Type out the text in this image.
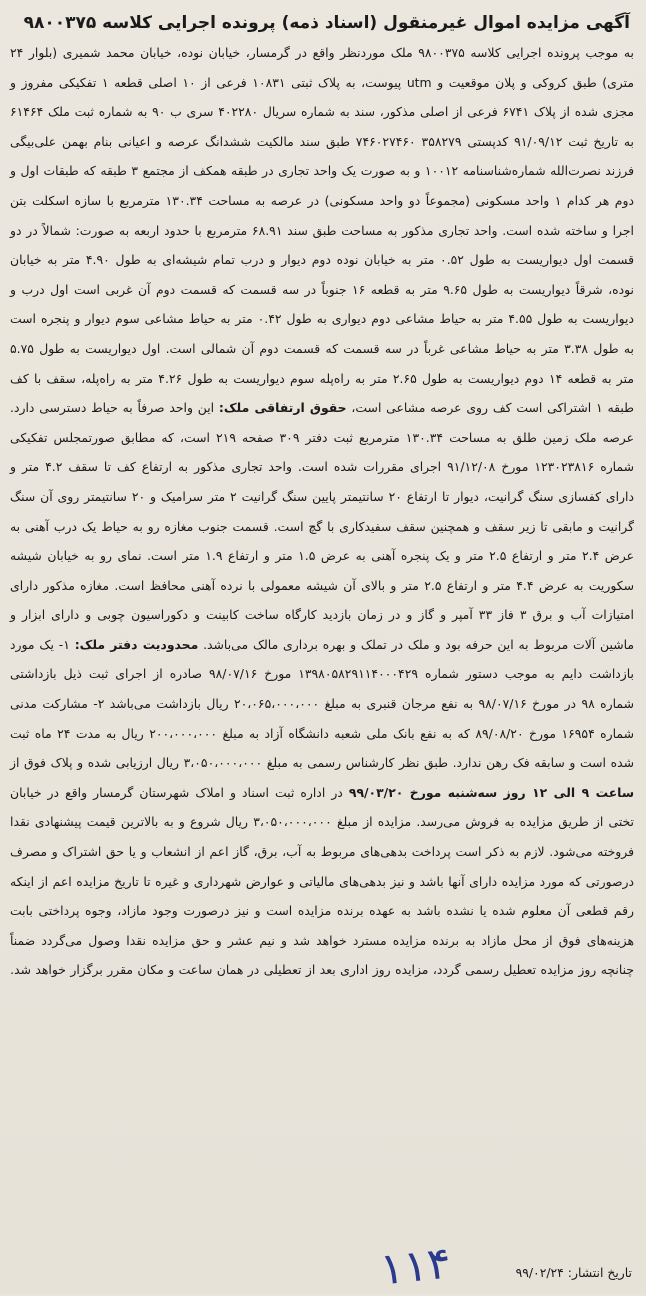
​
آگهی مزایده اموال غیرمنقول (اسناد ذمه) پرونده اجرایی کلاسه ۹۸۰۰۳۷۵
به موجب پرونده اجرایی کلاسه ۹۸۰۰۳۷۵ ملک موردنظر واقع در گرمسار، خیابان نوده، خیابان محمد شمیری (بلوار ۲۴ متری) طبق کروکی و پلان موقعیت و utm پیوست، به پلاک ثبتی ۱۰۸۳۱ فرعی از ۱۰ اصلی قطعه ۱ تفکیکی مفروز و مجزی شده از پلاک ۶۷۴۱ فرعی از اصلی مذکور، سند به شماره سریال ۴۰۲۲۸۰ سری ب ۹۰ به شماره ثبت ملک ۶۱۴۶۴ به تاریخ ثبت ۹۱/۰۹/۱۲ کدپستی ۳۵۸۲۷۹ ۷۴۶۰۲۷۴۶۰ طبق سند مالکیت ششدانگ عرصه و اعیانی بنام بهمن علی‌بیگی فرزند نصرت‌الله شماره‌شناسنامه ۱۰۰۱۲ و به صورت یک واحد تجاری در طبقه همکف از مجتمع ۳ طبقه که طبقات اول و دوم هر کدام ۱ واحد مسکونی (مجموعاً دو واحد مسکونی) در عرصه به مساحت ۱۳۰.۳۴ مترمربع با سازه اسکلت بتن اجرا و ساخته شده است. واحد تجاری مذکور به مساحت طبق سند ۶۸.۹۱ مترمربع با حدود اربعه به صورت: شمالاً در دو قسمت اول دیواریست به طول ۰.۵۲ متر به خیابان نوده دوم دیوار و درب تمام شیشه‌ای به طول ۴.۹۰ متر به خیابان نوده، شرقاً دیواریست به طول ۹.۶۵ متر به قطعه ۱۶ جنوباً در سه قسمت که قسمت دوم آن غربی است اول درب و دیواریست به طول ۴.۵۵ متر به حیاط مشاعی دوم دیواری به طول ۰.۴۲ متر به حیاط مشاعی سوم دیوار و پنجره است به طول ۳.۳۸ متر به حیاط مشاعی غرباً در سه قسمت که قسمت دوم آن شمالی است. اول دیواریست به طول ۵.۷۵ متر به قطعه ۱۴ دوم دیواریست به طول ۲.۶۵ متر به راه‌پله سوم دیواریست به طول ۴.۲۶ متر به راه‌پله، سقف با کف طبقه ۱ اشتراکی است کف روی عرصه مشاعی است، حقوق ارتفاقی ملک: این واحد صرفاً به حیاط دسترسی دارد. عرصه ملک زمین طلق به مساحت ۱۳۰.۳۴ مترمربع ثبت دفتر ۳۰۹ صفحه ۲۱۹ است، که مطابق صورتمجلس تفکیکی شماره ۱۲۳۰۲۳۸۱۶ مورخ ۹۱/۱۲/۰۸ اجرای مقررات شده است. واحد تجاری مذکور به ارتفاع کف تا سقف ۴.۲ متر و دارای کفسازی سنگ گرانیت، دیوار تا ارتفاع ۲۰ سانتیمتر پایین سنگ گرانیت ۲ متر سرامیک و ۲۰ سانتیمتر روی آن سنگ گرانیت و مابقی تا زیر سقف و همچنین سقف سفیدکاری با گچ است. قسمت جنوب مغازه رو به حیاط یک درب آهنی به عرض ۲.۴ متر و ارتفاع ۲.۵ متر و یک پنجره آهنی به عرض ۱.۵ متر و ارتفاع ۱.۹ متر است. نمای رو به خیابان شیشه سکوریت به عرض ۴.۴ متر و ارتفاع ۲.۵ متر و بالای آن شیشه معمولی با نرده آهنی محافظ است. مغازه مذکور دارای امتیازات آب و برق ۳ فاز ۳۳ آمپر و گاز و در زمان بازدید کارگاه ساخت کابینت و دکوراسیون چوبی و دارای ابزار و ماشین آلات مربوط به این حرفه بود و ملک در تملک و بهره برداری مالک می‌باشد. محدودیت دفتر ملک: ۱- یک مورد بازداشت دایم به موجب دستور شماره ۱۳۹۸۰۵۸۲۹۱۱۴۰۰۰۴۲۹ مورخ ۹۸/۰۷/۱۶ صادره از اجرای ثبت ذیل بازداشتی شماره ۹۸ در مورخ ۹۸/۰۷/۱۶ به نفع مرجان قنبری به مبلغ ۲۰،۰۶۵،۰۰۰،۰۰۰ ریال بازداشت می‌باشد ۲- مشارکت مدنی شماره ۱۶۹۵۴ مورخ ۸۹/۰۸/۲۰ که به نفع بانک ملی شعبه دانشگاه آزاد به مبلغ ۲۰۰،۰۰۰،۰۰۰ ریال به مدت ۲۴ ماه ثبت شده است و سابقه فک رهن ندارد. طبق نظر کارشناس رسمی به مبلغ ۳،۰۵۰،۰۰۰،۰۰۰ ریال ارزیابی شده و پلاک فوق از ساعت ۹ الی ۱۲ روز سه‌شنبه مورخ ۹۹/۰۳/۲۰ در اداره ثبت اسناد و املاک شهرستان گرمسار واقع در خیابان تختی از طریق مزایده به فروش می‌رسد. مزایده از مبلغ ۳،۰۵۰،۰۰۰،۰۰۰ ریال شروع و به بالاترین قیمت پیشنهادی نقدا فروخته می‌شود. لازم به ذکر است پرداخت بدهی‌های مربوط به آب، برق، گاز اعم از انشعاب و یا حق اشتراک و مصرف درصورتی که مورد مزایده دارای آنها باشد و نیز بدهی‌های مالیاتی و عوارض شهرداری و غیره تا تاریخ مزایده اعم از اینکه رقم قطعی آن معلوم شده یا نشده باشد به عهده برنده مزایده است و نیز درصورت وجود مازاد، وجوه پرداختی بابت هزینه‌های فوق از محل مازاد به برنده مزایده مسترد خواهد شد و نیم عشر و حق مزایده نقدا وصول می‌گردد ضمناً چنانچه روز مزایده تعطیل رسمی گردد، مزایده روز اداری بعد از تعطیلی در همان ساعت و مکان مقرر برگزار خواهد شد.
تاریخ انتشار: ۹۹/۰۲/۲۴
۱۱۴
